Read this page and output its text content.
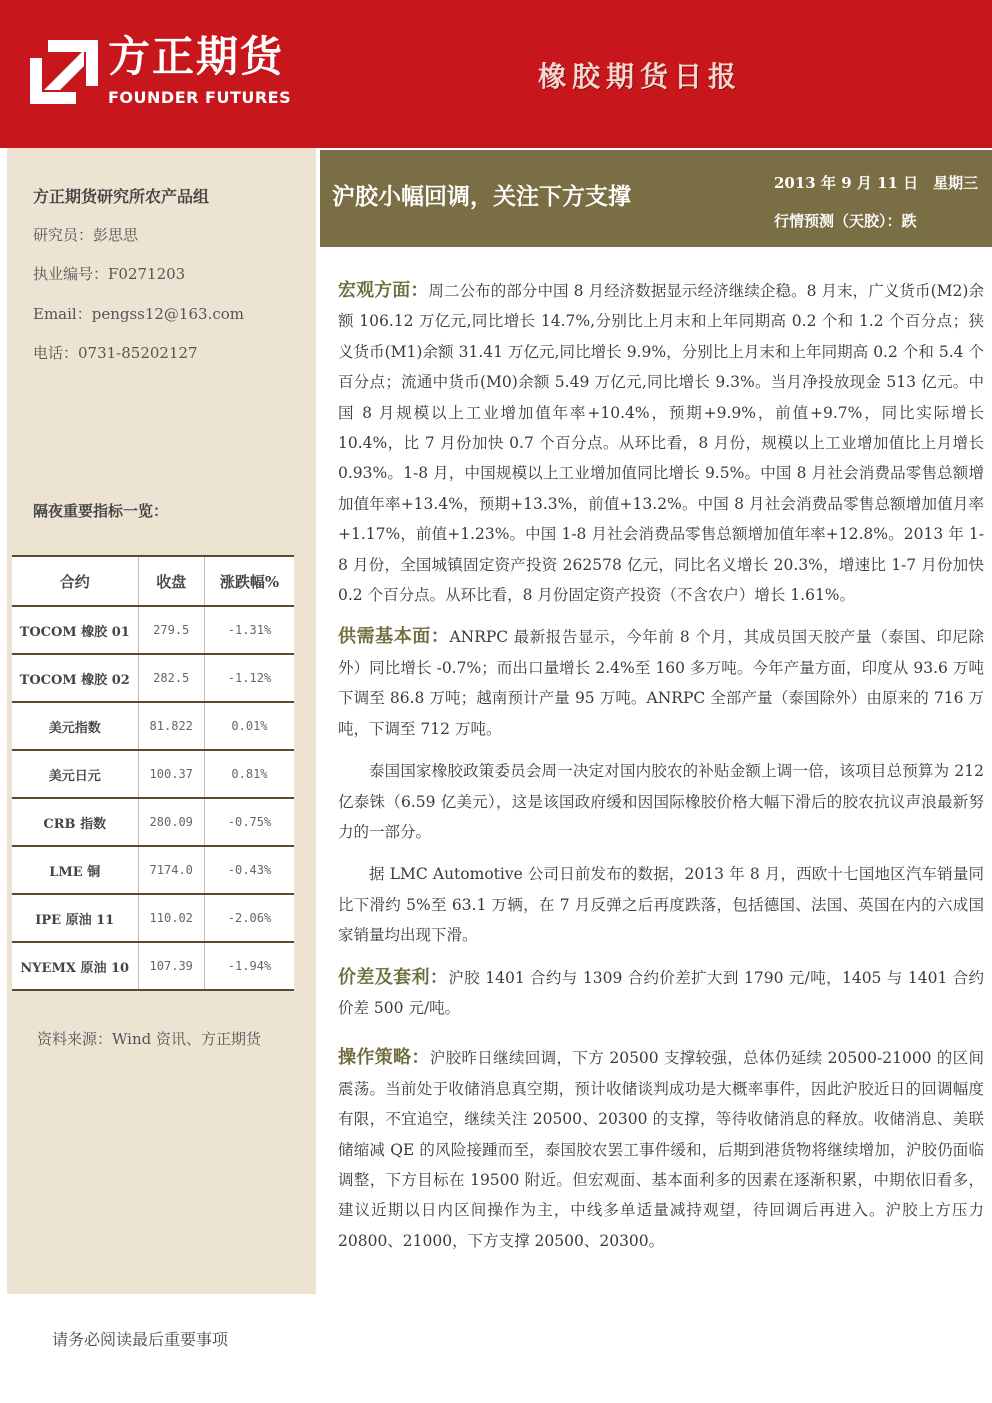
方正期货
FOUNDER FUTURES
橡胶期货日报
方正期货研究所农产品组
研究员：彭思思
执业编号：F0271203
Email：pengss12@163.com
电话：0731-85202127
隔夜重要指标一览：
合约	收盘	涨跌幅%
TOCOM 橡胶 01	279.5	-1.31%
TOCOM 橡胶 02	282.5	-1.12%
美元指数	81.822	0.01%
美元日元	100.37	0.81%
CRB 指数	280.09	-0.75%
LME 铜	7174.0	-0.43%
IPE 原油 11	110.02	-2.06%
NYEMX 原油 10	107.39	-1.94%
资料来源：Wind 资讯、方正期货
请务必阅读最后重要事项
沪胶小幅回调，关注下方支撑
2013 年 9 月 11 日　星期三
行情预测（天胶）：跌

宏观方面：周二公布的部分中国 8 月经济数据显示经济继续企稳。8 月末，广义货币(M2)余额 106.12 万亿元,同比增长 14.7%,分别比上月末和上年同期高 0.2 个和 1.2 个百分点；狭义货币(M1)余额 31.41 万亿元,同比增长 9.9%，分别比上月末和上年同期高 0.2 个和 5.4 个百分点；流通中货币(M0)余额 5.49 万亿元,同比增长 9.3%。当月净投放现金 513 亿元。中国 8 月规模以上工业增加值年率+10.4%，预期+9.9%，前值+9.7%，同比实际增长 10.4%，比 7 月份加快 0.7 个百分点。从环比看，8 月份，规模以上工业增加值比上月增长 0.93%。1-8 月，中国规模以上工业增加值同比增长 9.5%。中国 8 月社会消费品零售总额增加值年率+13.4%，预期+13.3%，前值+13.2%。中国 8 月社会消费品零售总额增加值月率+1.17%，前值+1.23%。中国 1-8 月社会消费品零售总额增加值年率+12.8%。2013 年 1-8 月份，全国城镇固定资产投资 262578 亿元，同比名义增长 20.3%，增速比 1-7 月份加快 0.2 个百分点。从环比看，8 月份固定资产投资（不含农户）增长 1.61%。

供需基本面：ANRPC 最新报告显示，今年前 8 个月，其成员国天胶产量（泰国、印尼除外）同比增长 -0.7%；而出口量增长 2.4%至 160 多万吨。今年产量方面，印度从 93.6 万吨下调至 86.8 万吨；越南预计产量 95 万吨。ANRPC 全部产量（泰国除外）由原来的 716 万吨，下调至 712 万吨。

泰国国家橡胶政策委员会周一决定对国内胶农的补贴金额上调一倍，该项目总预算为 212 亿泰铢（6.59 亿美元），这是该国政府缓和因国际橡胶价格大幅下滑后的胶农抗议声浪最新努力的一部分。

据 LMC Automotive 公司日前发布的数据，2013 年 8 月，西欧十七国地区汽车销量同比下滑约 5%至 63.1 万辆，在 7 月反弹之后再度跌落，包括德国、法国、英国在内的六成国家销量均出现下滑。

价差及套利：沪胶 1401 合约与 1309 合约价差扩大到 1790 元/吨，1405 与 1401 合约价差 500 元/吨。

操作策略：沪胶昨日继续回调，下方 20500 支撑较强，总体仍延续 20500-21000 的区间震荡。当前处于收储消息真空期，预计收储谈判成功是大概率事件，因此沪胶近日的回调幅度有限，不宜追空，继续关注 20500、20300 的支撑，等待收储消息的释放。收储消息、美联储缩减 QE 的风险接踵而至，泰国胶农罢工事件缓和，后期到港货物将继续增加，沪胶仍面临调整，下方目标在 19500 附近。但宏观面、基本面利多的因素在逐渐积累，中期依旧看多，建议近期以日内区间操作为主，中线多单适量减持观望，待回调后再进入。沪胶上方压力 20800、21000，下方支撑 20500、20300。
